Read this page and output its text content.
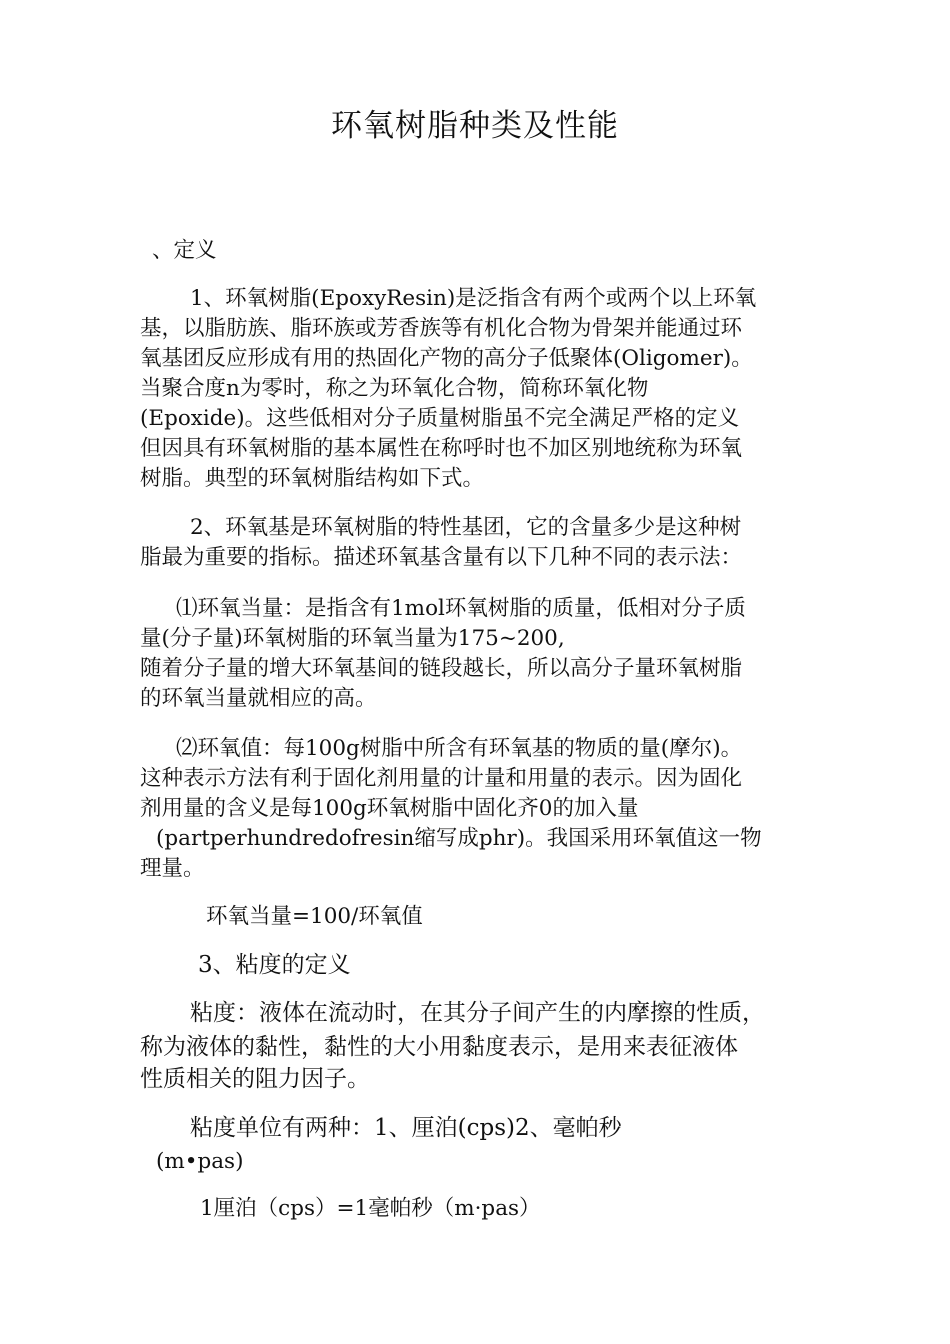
环氧树脂种类及性能
、定义
1、环氧树脂(EpoxyResin)是泛指含有两个或两个以上环氧
基，以脂肪族、脂环族或芳香族等有机化合物为骨架并能通过环
氧基团反应形成有用的热固化产物的高分子低聚体(Oligomer)。
当聚合度n为零时，称之为环氧化合物，简称环氧化物
(Epoxide)。这些低相对分子质量树脂虽不完全满足严格的定义
但因具有环氧树脂的基本属性在称呼时也不加区别地统称为环氧
树脂。典型的环氧树脂结构如下式。
2、环氧基是环氧树脂的特性基团，它的含量多少是这种树
脂最为重要的指标。描述环氧基含量有以下几种不同的表示法：
⑴环氧当量：是指含有1mol环氧树脂的质量，低相对分子质
量(分子量)环氧树脂的环氧当量为175~200,
随着分子量的增大环氧基间的链段越长，所以高分子量环氧树脂
的环氧当量就相应的高。
⑵环氧值：每100g树脂中所含有环氧基的物质的量(摩尔)。
这种表示方法有利于固化剂用量的计量和用量的表示。因为固化
剂用量的含义是每100g环氧树脂中固化齐0的加入量
(partperhundredofresin缩写成phr)。我国采用环氧值这一物
理量。
环氧当量=100/环氧值
3、粘度的定义
粘度：液体在流动时，在其分子间产生的内摩擦的性质，
称为液体的黏性，黏性的大小用黏度表示，是用来表征液体
性质相关的阻力因子。
粘度单位有两种：1、厘泊(cps)2、毫帕秒
(m•pas)
1厘泊（cps）=1毫帕秒（m·pas）
